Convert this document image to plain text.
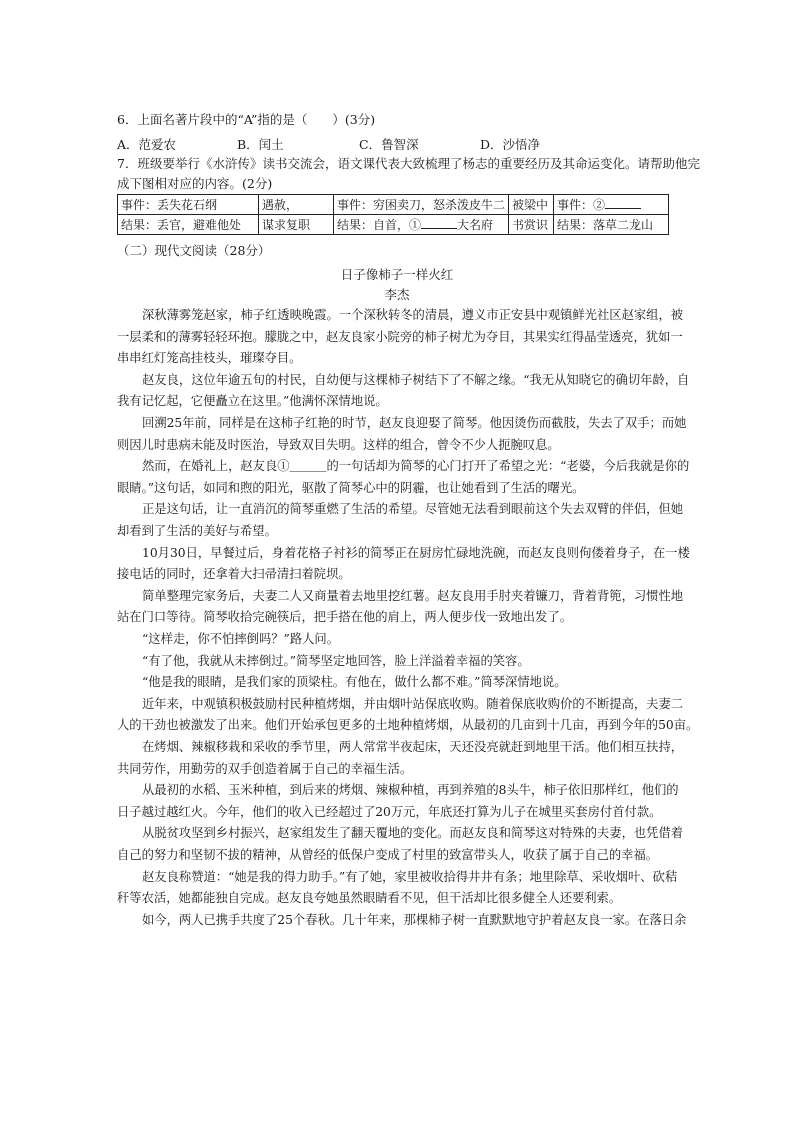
6．上面名著片段中的“A”指的是（　　）(3分)
A．范爱农	B．闰土	C．鲁智深	D．沙悟净
7．班级要举行《水浒传》读书交流会，语文课代表大致梳理了杨志的重要经历及其命运变化。请帮助他完
成下图相对应的内容。(2分)
事件：丢失花石纲	遇赦，	事件：穷困卖刀，怒杀泼皮牛二	被梁中	事件：②
结果：丢官，避难他处	谋求复职	结果：自首，① 大名府	书赏识	结果：落草二龙山
（二）现代文阅读（28分）
日子像柿子一样火红
李杰
深秋薄雾笼赵家，柿子红透映晚霞。一个深秋转冬的清晨，遵义市正安县中观镇鲜光社区赵家组，被
一层柔和的薄雾轻轻环抱。朦胧之中，赵友良家小院旁的柿子树尤为夺目，其果实红得晶莹透亮，犹如一
串串红灯笼高挂枝头，璀璨夺目。
赵友良，这位年逾五旬的村民，自幼便与这棵柿子树结下了不解之缘。“我无从知晓它的确切年龄，自
我有记忆起，它便矗立在这里。”他满怀深情地说。
回溯25年前，同样是在这柿子红艳的时节，赵友良迎娶了简琴。他因烫伤而截肢，失去了双手；而她
则因儿时患病未能及时医治，导致双目失明。这样的组合，曾令不少人扼腕叹息。
然而，在婚礼上，赵友良①＿＿＿的一句话却为简琴的心门打开了希望之光：“老婆，今后我就是你的
眼睛。”这句话，如同和煦的阳光，驱散了简琴心中的阴霾，也让她看到了生活的曙光。
正是这句话，让一直消沉的简琴重燃了生活的希望。尽管她无法看到眼前这个失去双臂的伴侣，但她
却看到了生活的美好与希望。
10月30日，早餐过后，身着花格子衬衫的简琴正在厨房忙碌地洗碗，而赵友良则佝偻着身子，在一楼
接电话的同时，还拿着大扫帚清扫着院坝。
简单整理完家务后，夫妻二人又商量着去地里挖红薯。赵友良用手肘夹着镰刀，背着背篼，习惯性地
站在门口等待。简琴收拾完碗筷后，把手搭在他的肩上，两人便步伐一致地出发了。
“这样走，你不怕摔倒吗？”路人问。
“有了他，我就从未摔倒过。”简琴坚定地回答，脸上洋溢着幸福的笑容。
“他是我的眼睛，是我们家的顶梁柱。有他在，做什么都不难。”简琴深情地说。
近年来，中观镇积极鼓励村民种植烤烟，并由烟叶站保底收购。随着保底收购价的不断提高，夫妻二
人的干劲也被激发了出来。他们开始承包更多的土地种植烤烟，从最初的几亩到十几亩，再到今年的50亩。
在烤烟、辣椒移栽和采收的季节里，两人常常半夜起床，天还没亮就赶到地里干活。他们相互扶持，
共同劳作，用勤劳的双手创造着属于自己的幸福生活。
从最初的水稻、玉米种植，到后来的烤烟、辣椒种植，再到养殖的8头牛，柿子依旧那样红，他们的
日子越过越红火。今年，他们的收入已经超过了20万元，年底还打算为儿子在城里买套房付首付款。
从脱贫攻坚到乡村振兴，赵家组发生了翻天覆地的变化。而赵友良和简琴这对特殊的夫妻，也凭借着
自己的努力和坚韧不拔的精神，从曾经的低保户变成了村里的致富带头人，收获了属于自己的幸福。
赵友良称赞道：“她是我的得力助手。”有了她，家里被收拾得井井有条；地里除草、采收烟叶、砍秸
秆等农活，她都能独自完成。赵友良夸她虽然眼睛看不见，但干活却比很多健全人还要利索。
如今，两人已携手共度了25个春秋。几十年来，那棵柿子树一直默默地守护着赵友良一家。在落日余
